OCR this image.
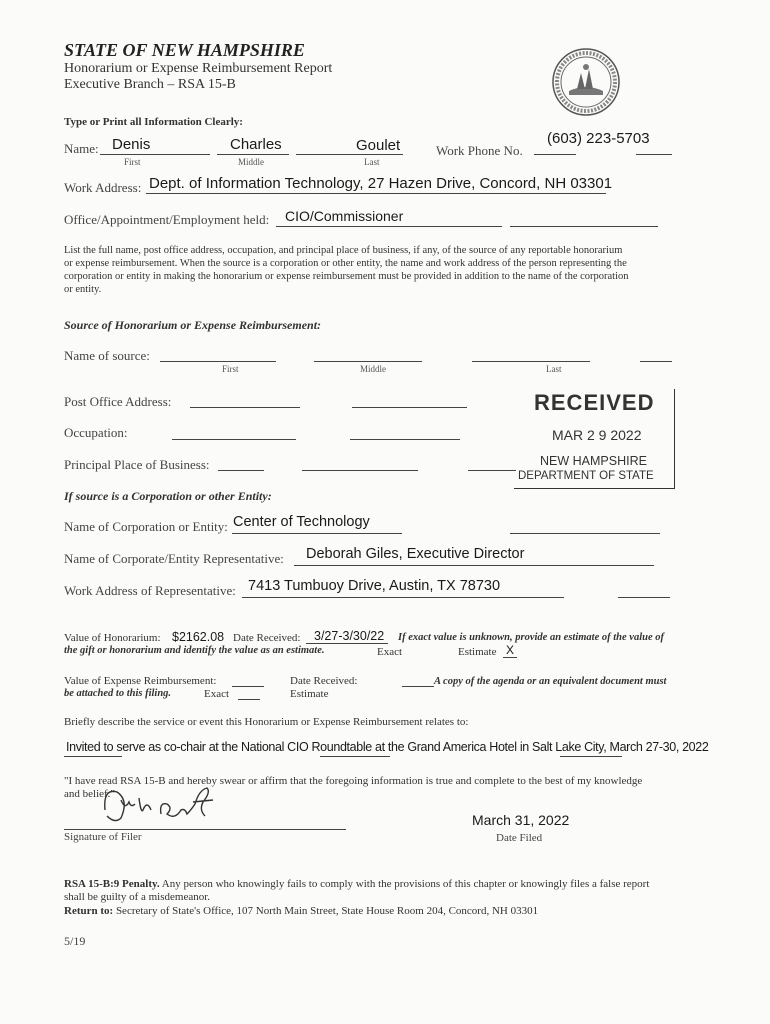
STATE OF NEW HAMPSHIRE
Honorarium or Expense Reimbursement Report
Executive Branch – RSA 15-B
Type or Print all Information Clearly:
Name: Denis
First
Charles
Middle
Goulet
Last
Work Phone No.
(603) 223-5703
Work Address: Dept. of Information Technology, 27 Hazen Drive, Concord, NH 03301
Office/Appointment/Employment held: CIO/Commissioner
List the full name, post office address, occupation, and principal place of business, if any, of the source of any reportable honorarium
or expense reimbursement. When the source is a corporation or other entity, the name and work address of the person representing the
corporation or entity in making the honorarium or expense reimbursement must be provided in addition to the name of the corporation
or entity.
Source of Honorarium or Expense Reimbursement:
Name of source:
First	Middle	Last
Post Office Address:
Occupation:
Principal Place of Business:
RECEIVED
MAR 2 9 2022
NEW HAMPSHIRE
DEPARTMENT OF STATE
If source is a Corporation or other Entity:
Name of Corporation or Entity: Center of Technology
Name of Corporate/Entity Representative: Deborah Giles, Executive Director
Work Address of Representative: 7413 Tumbuoy Drive, Austin, TX 78730
Value of Honorarium: $2162.08 Date Received: 3/27-3/30/22 If exact value is unknown, provide an estimate of the value of
the gift or honorarium and identify the value as an estimate.	Exact	Estimate X
Value of Expense Reimbursement:	Date Received:	A copy of the agenda or an equivalent document must
be attached to this filing.	Exact	Estimate
Briefly describe the service or event this Honorarium or Expense Reimbursement relates to:
Invited to serve as co-chair at the National CIO Roundtable at the Grand America Hotel in Salt Lake City, March 27-30, 2022
"I have read RSA 15-B and hereby swear or affirm that the foregoing information is true and complete to the best of my knowledge
and belief."
Signature of Filer
March 31, 2022
Date Filed
RSA 15-B:9 Penalty. Any person who knowingly fails to comply with the provisions of this chapter or knowingly files a false report
shall be guilty of a misdemeanor.
Return to: Secretary of State's Office, 107 North Main Street, State House Room 204, Concord, NH 03301
5/19
